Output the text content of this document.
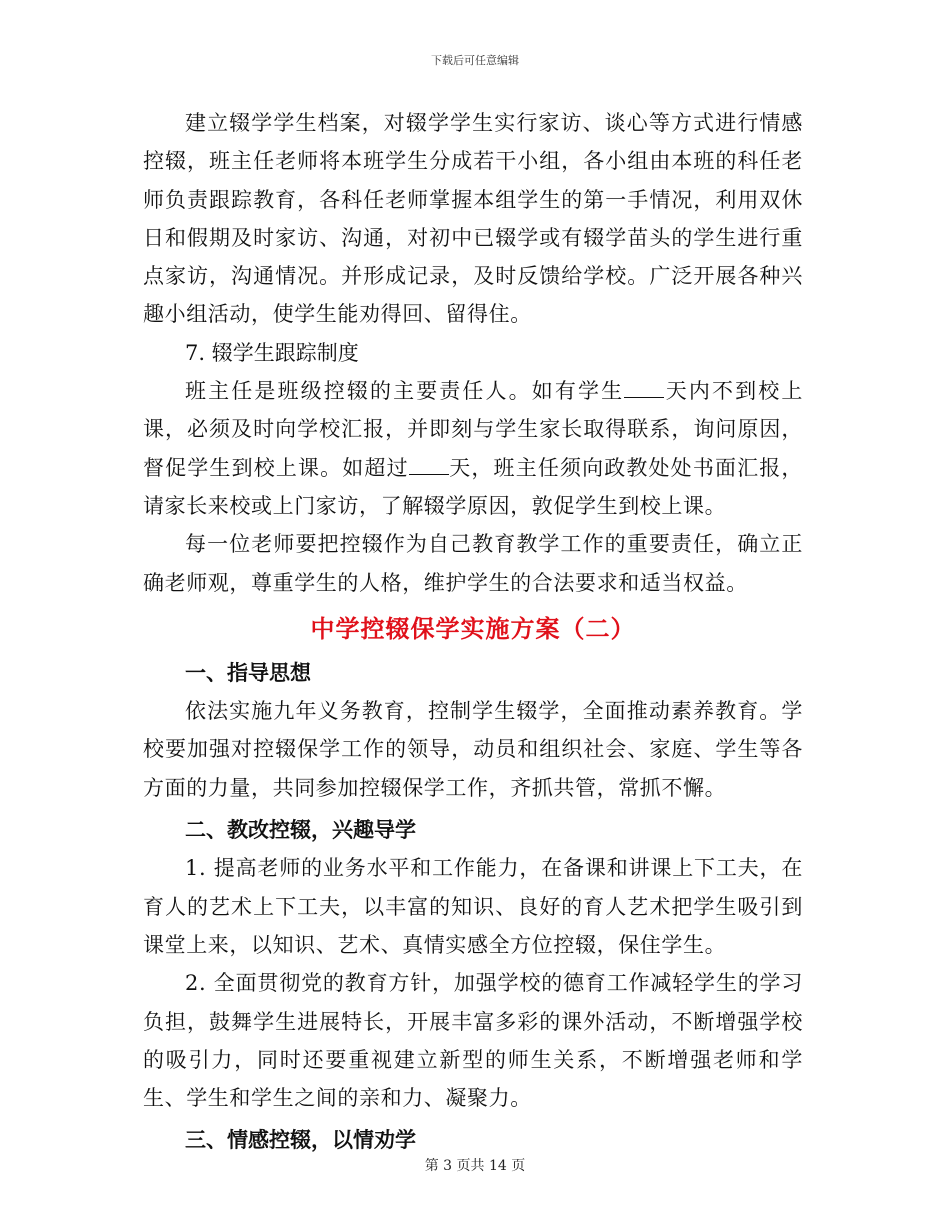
下载后可任意编辑

建立辍学学生档案，对辍学学生实行家访、谈心等方式进行情感控辍，班主任老师将本班学生分成若干小组，各小组由本班的科任老师负责跟踪教育，各科任老师掌握本组学生的第一手情况，利用双休日和假期及时家访、沟通，对初中已辍学或有辍学苗头的学生进行重点家访，沟通情况。并形成记录，及时反馈给学校。广泛开展各种兴趣小组活动，使学生能劝得回、留得住。

7. 辍学生跟踪制度

班主任是班级控辍的主要责任人。如有学生 天内不到校上课，必须及时向学校汇报，并即刻与学生家长取得联系，询问原因，督促学生到校上课。如超过 天，班主任须向政教处处书面汇报，请家长来校或上门家访，了解辍学原因，敦促学生到校上课。

每一位老师要把控辍作为自己教育教学工作的重要责任，确立正确老师观，尊重学生的人格，维护学生的合法要求和适当权益。

中学控辍保学实施方案（二）

一、指导思想

依法实施九年义务教育，控制学生辍学，全面推动素养教育。学校要加强对控辍保学工作的领导，动员和组织社会、家庭、学生等各方面的力量，共同参加控辍保学工作，齐抓共管，常抓不懈。

二、教改控辍，兴趣导学

1. 提高老师的业务水平和工作能力，在备课和讲课上下工夫，在育人的艺术上下工夫，以丰富的知识、良好的育人艺术把学生吸引到课堂上来，以知识、艺术、真情实感全方位控辍，保住学生。

2. 全面贯彻党的教育方针，加强学校的德育工作减轻学生的学习负担，鼓舞学生进展特长，开展丰富多彩的课外活动，不断增强学校的吸引力，同时还要重视建立新型的师生关系，不断增强老师和学生、学生和学生之间的亲和力、凝聚力。

三、情感控辍，以情劝学

第 3 页共 14 页
